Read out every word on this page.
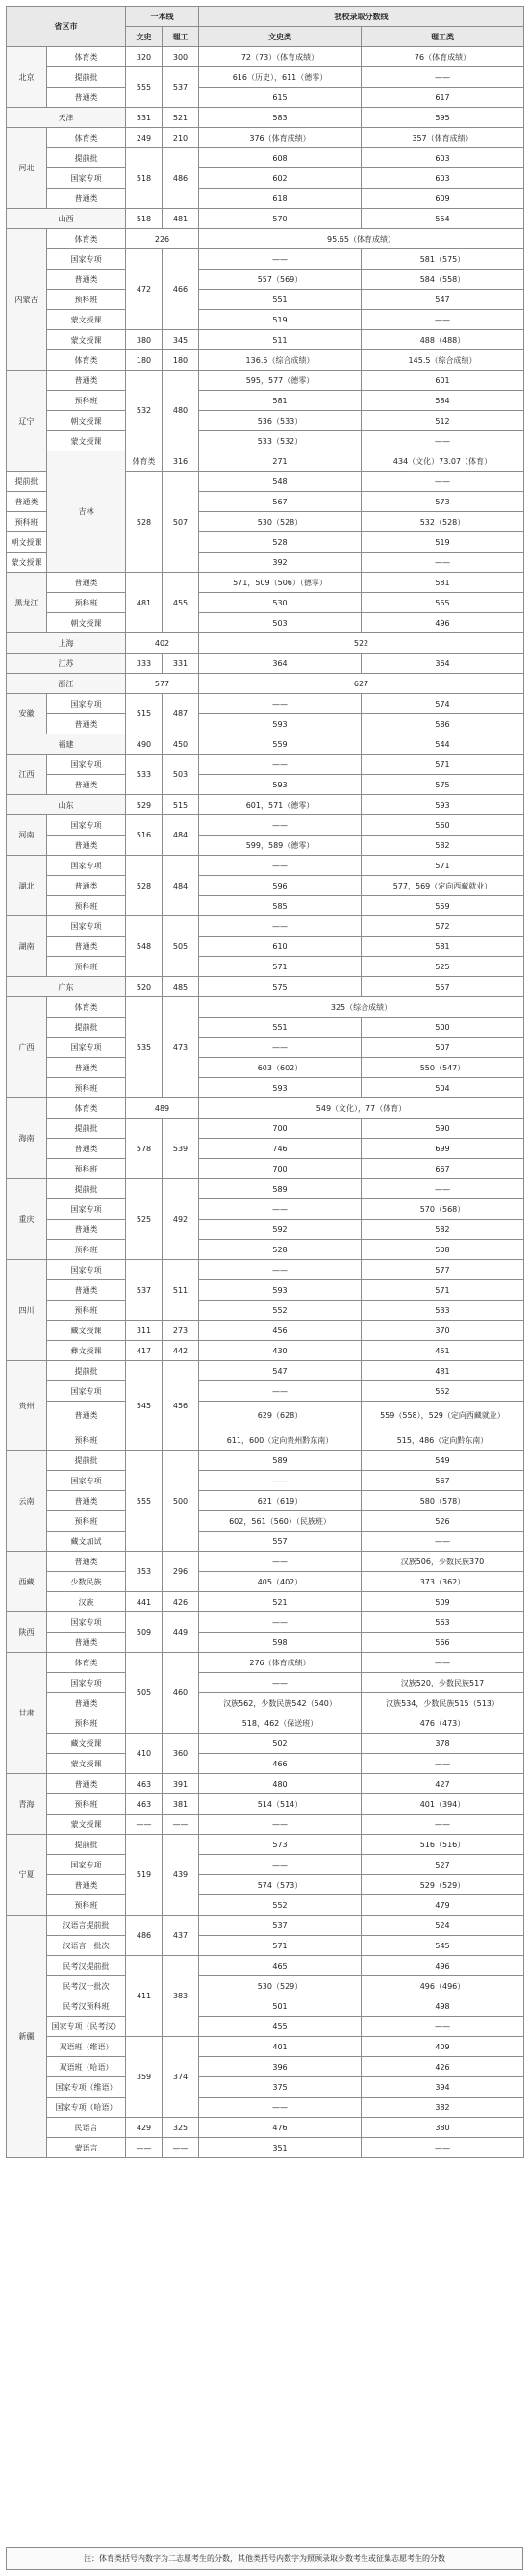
省区市		一本线		我校录取分数线		
		文史	理工	文史类	理工类	
北京	体育类	320	300	72（73）（体育成绩）	76（体育成绩）	
	提前批	555	537	616（历史），611（德零）	——	
	普通类			615	617	
天津		531	521	583	595	
河北	体育类	249	210	376（体育成绩）	357（体育成绩）	
	提前批	518	486	608	603	
	国家专项			602	603	
	普通类			618	609	
山西		518	481	570	554	
内蒙古	体育类	226		95.65（体育成绩）		
	国家专项	472	466	——	581（575）	
	普通类			557（569）	584（558）	
	预科班			551	547	
	蒙文授课			519	——	
	蒙文授课	380	345	511	488（488）	
	体育类	180	180	136.5（综合成绩）	145.5（综合成绩）	
辽宁	普通类	532	480	595，577（德零）	601	
	预科班			581	584	
	朝文授课			536（533）	512	
	蒙文授课			533（532）	——	
	吉林	体育类	316	271	434（文化）73.07（体育）	
提前批		528	507	548	——	
普通类				567	573	
预科班				530（528）	532（528）	
朝文授课				528	519	
蒙文授课				392	——	
黑龙江	普通类	481	455	571，509（506）（德零）	581	
	预科班			530	555	
	朝文授课			503	496	
上海		402		522		
江苏		333	331	364	364	
浙江		577		627		
安徽	国家专项	515	487	——	574	
	普通类			593	586	
福建		490	450	559	544	
江西	国家专项	533	503	——	571	
	普通类			593	575	
山东		529	515	601，571（德零）	593	
河南	国家专项	516	484	——	560	
	普通类			599，589（德零）	582	
湖北	国家专项	528	484	——	571	
	普通类			596	577，569（定向西藏就业）	
	预科班			585	559	
湖南	国家专项	548	505	——	572	
	普通类			610	581	
	预科班			571	525	
广东		520	485	575	557	
广西	体育类	535	473	325（综合成绩）		
	提前批			551	500	
	国家专项			——	507	
	普通类			603（602）	550（547）	
	预科班			593	504	
海南	体育类	489		549（文化），77（体育）		
	提前批	578	539	700	590	
	普通类			746	699	
	预科班			700	667	
重庆	提前批	525	492	589	——	
	国家专项			——	570（568）	
	普通类			592	582	
	预科班			528	508	
四川	国家专项	537	511	——	577	
	普通类			593	571	
	预科班			552	533	
	藏文授课	311	273	456	370	
	彝文授课	417	442	430	451	
贵州	提前批	545	456	547	481	
	国家专项			——	552	
	普通类			629（628）	559（558），529（定向西藏就业）	
	预科班			611，600（定向贵州黔东南）	515，486（定向黔东南）	
云南	提前批	555	500	589	549	
	国家专项			——	567	
	普通类			621（619）	580（578）	
	预科班			602，561（560）（民族班）	526	
	藏文加试			557	——	
西藏	普通类	353	296	——	汉族506，少数民族370	
	少数民族			405（402）	373（362）	
	汉族	441	426	521	509	
陕西	国家专项	509	449	——	563	
	普通类			598	566	
甘肃	体育类	505	460	276（体育成绩）	——	
	国家专项			——	汉族520，少数民族517	
	普通类			汉族562，少数民族542（540）	汉族534，少数民族515（513）	
	预科班			518，462（保送班）	476（473）	
	藏文授课	410	360	502	378	
	蒙文授课			466	——	
青海	普通类	463	391	480	427	
	预科班	463	381	514（514）	401（394）	
	蒙文授课	——	——	——	——	
宁夏	提前批	519	439	573	516（516）	
	国家专项			——	527	
	普通类			574（573）	529（529）	
	预科班			552	479	
新疆	汉语言提前批	486	437	537	524	
	汉语言一批次			571	545	
	民考汉提前批	411	383	465	496	
	民考汉一批次			530（529）	496（496）	
	民考汉预科班			501	498	
	国家专项（民考汉）			455	——	
	双语班（维语）	359	374	401	409	
	双语班（哈语）			396	426	
	国家专项（维语）			375	394	
	国家专项（哈语）			——	382	
	民语言	429	325	476	380	
	蒙语言	——	——	351	——	
注：体育类括号内数字为二志愿考生的分数，其他类括号内数字为照顾录取少数考生或征集志愿考生的分数
